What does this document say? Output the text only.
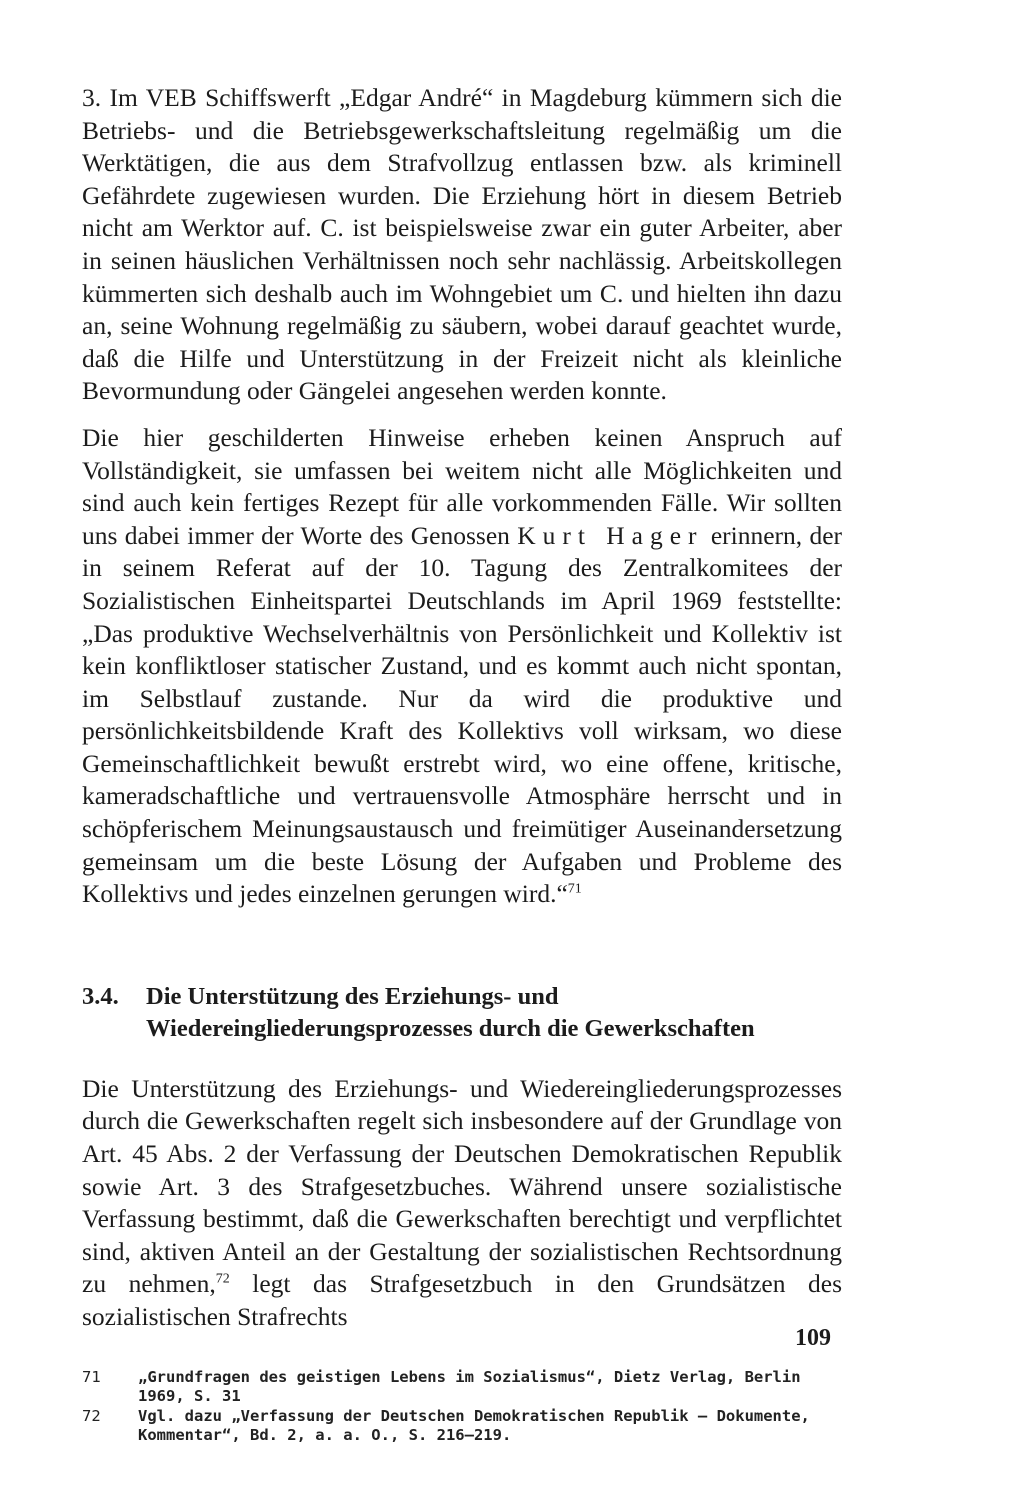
3. Im VEB Schiffswerft „Edgar André“ in Magdeburg kümmern sich die Betriebs- und die Betriebsgewerkschaftsleitung regelmäßig um die Werktätigen, die aus dem Strafvollzug entlassen bzw. als kriminell Gefährdete zugewiesen wurden. Die Erziehung hört in diesem Betrieb nicht am Werktor auf. C. ist beispielsweise zwar ein guter Arbeiter, aber in seinen häuslichen Verhältnissen noch sehr nachlässig. Arbeitskollegen kümmerten sich deshalb auch im Wohngebiet um C. und hielten ihn dazu an, seine Wohnung regelmäßig zu säubern, wobei darauf geachtet wurde, daß die Hilfe und Unterstützung in der Freizeit nicht als kleinliche Bevormundung oder Gängelei angesehen werden konnte.

Die hier geschilderten Hinweise erheben keinen Anspruch auf Vollständigkeit, sie umfassen bei weitem nicht alle Möglichkeiten und sind auch kein fertiges Rezept für alle vorkommenden Fälle. Wir sollten uns dabei immer der Worte des Genossen Kurt Hager erinnern, der in seinem Referat auf der 10. Tagung des Zentralkomitees der Sozialistischen Einheitspartei Deutschlands im April 1969 feststellte: „Das produktive Wechselverhältnis von Persönlichkeit und Kollektiv ist kein konfliktloser statischer Zustand, und es kommt auch nicht spontan, im Selbstlauf zustande. Nur da wird die produktive und persönlichkeitsbildende Kraft des Kollektivs voll wirksam, wo diese Gemeinschaftlichkeit bewußt erstrebt wird, wo eine offene, kritische, kameradschaftliche und vertrauensvolle Atmosphäre herrscht und in schöpferischem Meinungsaustausch und freimütiger Auseinandersetzung gemeinsam um die beste Lösung der Aufgaben und Probleme des Kollektivs und jedes einzelnen gerungen wird.“$^{71}$

3.4.	Die Unterstützung des Erziehungs- und
Wiedereingliederungsprozesses durch die Gewerkschaften

Die Unterstützung des Erziehungs- und Wiedereingliederungsprozesses durch die Gewerkschaften regelt sich insbesondere auf der Grundlage von Art. 45 Abs. 2 der Verfassung der Deutschen Demokratischen Republik sowie Art. 3 des Strafgesetzbuches. Während unsere sozialistische Verfassung bestimmt, daß die Gewerkschaften berechtigt und verpflichtet sind, aktiven Anteil an der Gestaltung der sozialistischen Rechtsordnung zu nehmen,$^{72}$ legt das Strafgesetzbuch in den Grundsätzen des sozialistischen Strafrechts

71	„Grundfragen des geistigen Lebens im Sozialismus“, Dietz Verlag, Berlin 1969, S. 31
72	Vgl. dazu „Verfassung der Deutschen Demokratischen Republik – Dokumente, Kommentar“, Bd. 2, a. a. O., S. 216–219.
109
